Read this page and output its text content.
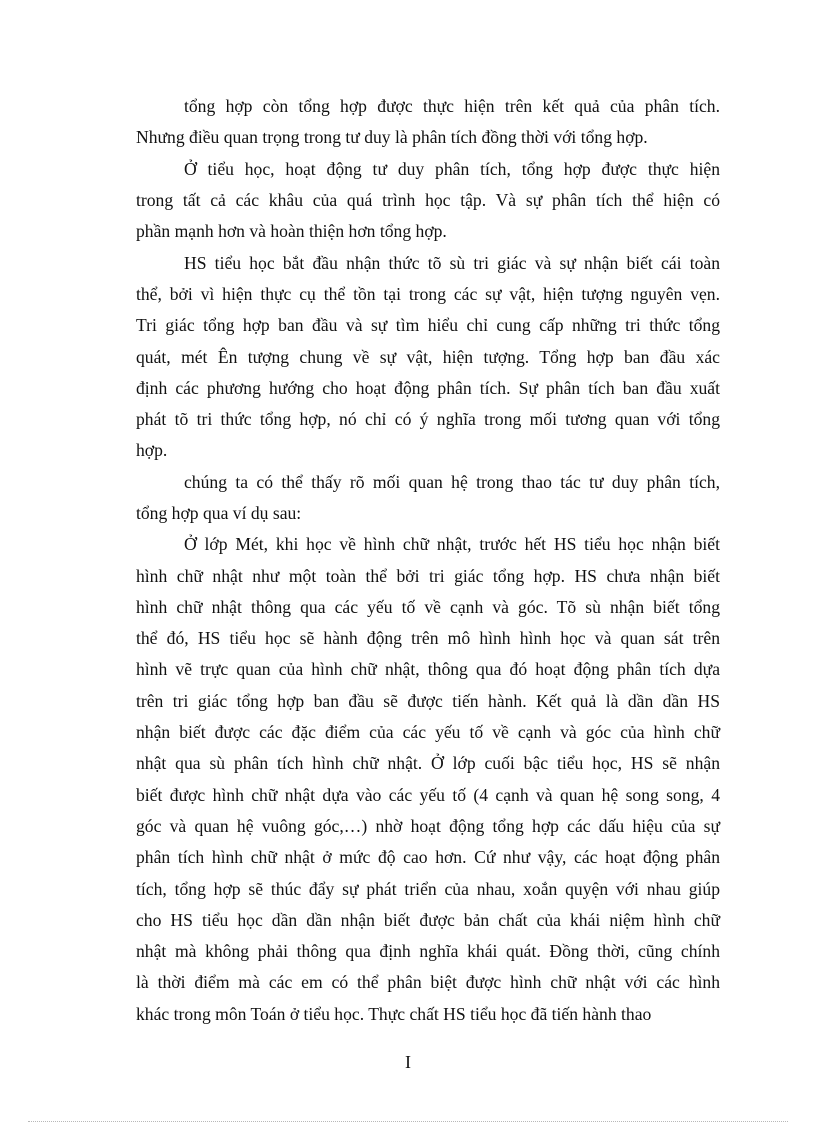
tổng hợp còn tổng hợp được thực hiện trên kết quả của phân tích.
Nhưng điều quan trọng trong tư duy là phân tích đồng thời với tổng hợp.
Ở tiểu học, hoạt động tư duy phân tích, tổng hợp được thực hiện
trong tất cả các khâu của quá trình học tập. Và sự phân tích thể hiện có
phần mạnh hơn và hoàn thiện hơn tổng hợp.
HS tiểu học bắt đầu nhận thức tõ sù tri giác và sự nhận biết cái toàn
thể, bởi vì hiện thực cụ thể tồn tại trong các sự vật, hiện tượng nguyên vẹn.
Tri giác tổng hợp ban đầu và sự tìm hiểu chỉ cung cấp những tri thức tổng
quát, mét Ên tượng chung về sự vật, hiện tượng. Tổng hợp ban đầu xác
định các phương hướng cho hoạt động phân tích. Sự phân tích ban đầu xuất
phát tõ tri thức tổng hợp, nó chỉ có ý nghĩa trong mối tương quan với tổng
hợp.
chúng ta có thể thấy rõ mối quan hệ trong thao tác tư duy phân tích,
tổng hợp qua ví dụ sau:
Ở lớp Mét, khi học về hình chữ nhật, trước hết HS tiểu học nhận biết
hình chữ nhật như một toàn thể bởi tri giác tổng hợp. HS chưa nhận biết
hình chữ nhật thông qua các yếu tố về cạnh và góc. Tõ sù nhận biết tổng
thể đó, HS tiểu học sẽ hành động trên mô hình hình học và quan sát trên
hình vẽ trực quan của hình chữ nhật, thông qua đó hoạt động phân tích dựa
trên tri giác tổng hợp ban đầu sẽ được tiến hành. Kết quả là dần dần HS
nhận biết được các đặc điểm của các yếu tố về cạnh và góc của hình chữ
nhật qua sù phân tích hình chữ nhật. Ở lớp cuối bậc tiểu học, HS sẽ nhận
biết được hình chữ nhật dựa vào các yếu tố (4 cạnh và quan hệ song song, 4
góc và quan hệ vuông góc,…) nhờ hoạt động tổng hợp các dấu hiệu của sự
phân tích hình chữ nhật ở mức độ cao hơn. Cứ như vậy, các hoạt động phân
tích, tổng hợp sẽ thúc đẩy sự phát triển của nhau, xoắn quyện với nhau giúp
cho HS tiểu học dần dần nhận biết được bản chất của khái niệm hình chữ
nhật mà không phải thông qua định nghĩa khái quát. Đồng thời, cũng chính
là thời điểm mà các em có thể phân biệt được hình chữ nhật với các hình
khác trong môn Toán ở tiểu học. Thực chất HS tiểu học đã tiến hành thao
I
